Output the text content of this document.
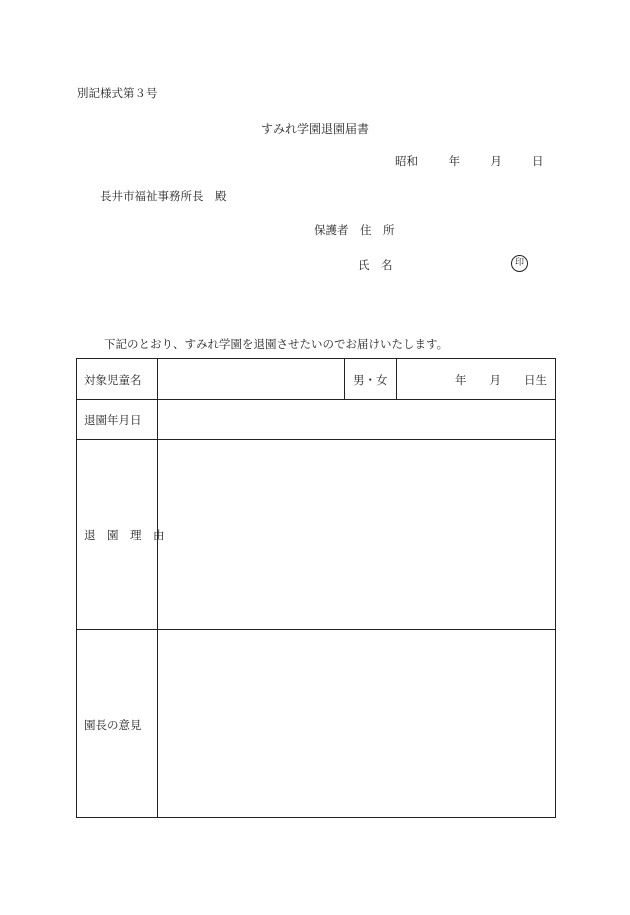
別記様式第３号
すみれ学園退園届書
昭和	年	月	日
長井市福祉事務所長　殿
保護者　住　所
氏　名	印
下記のとおり、すみれ学園を退園させたいのでお届けいたします。
対象児童名	男・女	年　　月　　日生
退園年月日
退　園　理　由
園長の意見
